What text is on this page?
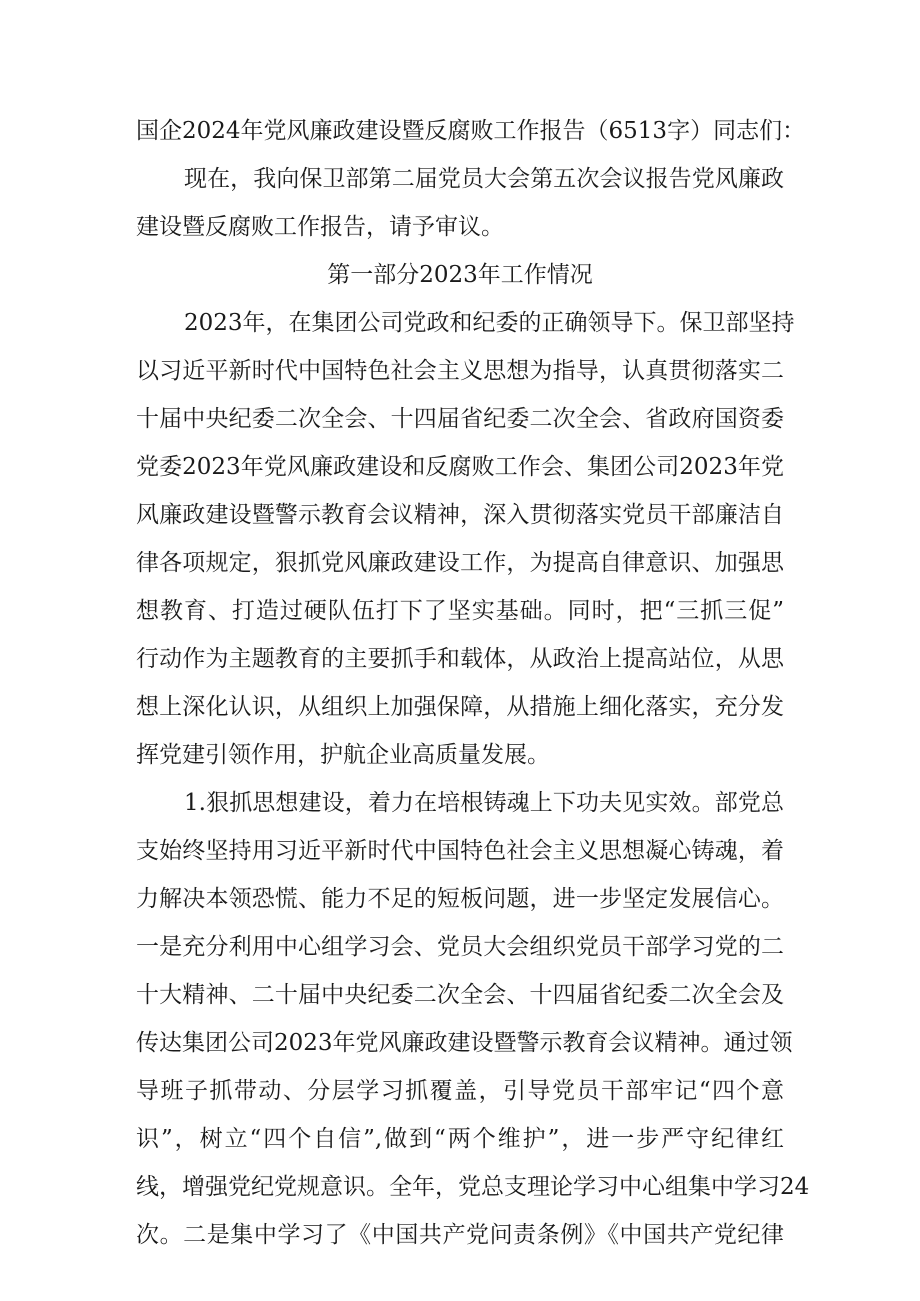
国企2024年党风廉政建设暨反腐败工作报告（6513字）同志们：
现在，我向保卫部第二届党员大会第五次会议报告党风廉政
建设暨反腐败工作报告，请予审议。
第一部分2023年工作情况
2023年，在集团公司党政和纪委的正确领导下。保卫部坚持
以习近平新时代中国特色社会主义思想为指导，认真贯彻落实二
十届中央纪委二次全会、十四届省纪委二次全会、省政府国资委
党委2023年党风廉政建设和反腐败工作会、集团公司2023年党
风廉政建设暨警示教育会议精神，深入贯彻落实党员干部廉洁自
律各项规定，狠抓党风廉政建设工作，为提高自律意识、加强思
想教育、打造过硬队伍打下了坚实基础。同时，把“三抓三促”
行动作为主题教育的主要抓手和载体，从政治上提高站位，从思
想上深化认识，从组织上加强保障，从措施上细化落实，充分发
挥党建引领作用，护航企业高质量发展。
1.狠抓思想建设，着力在培根铸魂上下功夫见实效。部党总
支始终坚持用习近平新时代中国特色社会主义思想凝心铸魂，着
力解决本领恐慌、能力不足的短板问题，进一步坚定发展信心。
一是充分利用中心组学习会、党员大会组织党员干部学习党的二
十大精神、二十届中央纪委二次全会、十四届省纪委二次全会及
传达集团公司2023年党风廉政建设暨警示教育会议精神。通过领
导班子抓带动、分层学习抓覆盖，引导党员干部牢记“四个意
识”，树立“四个自信”,做到“两个维护”，进一步严守纪律红
线，增强党纪党规意识。全年，党总支理论学习中心组集中学习24
次。二是集中学习了《中国共产党问责条例》《中国共产党纪律
